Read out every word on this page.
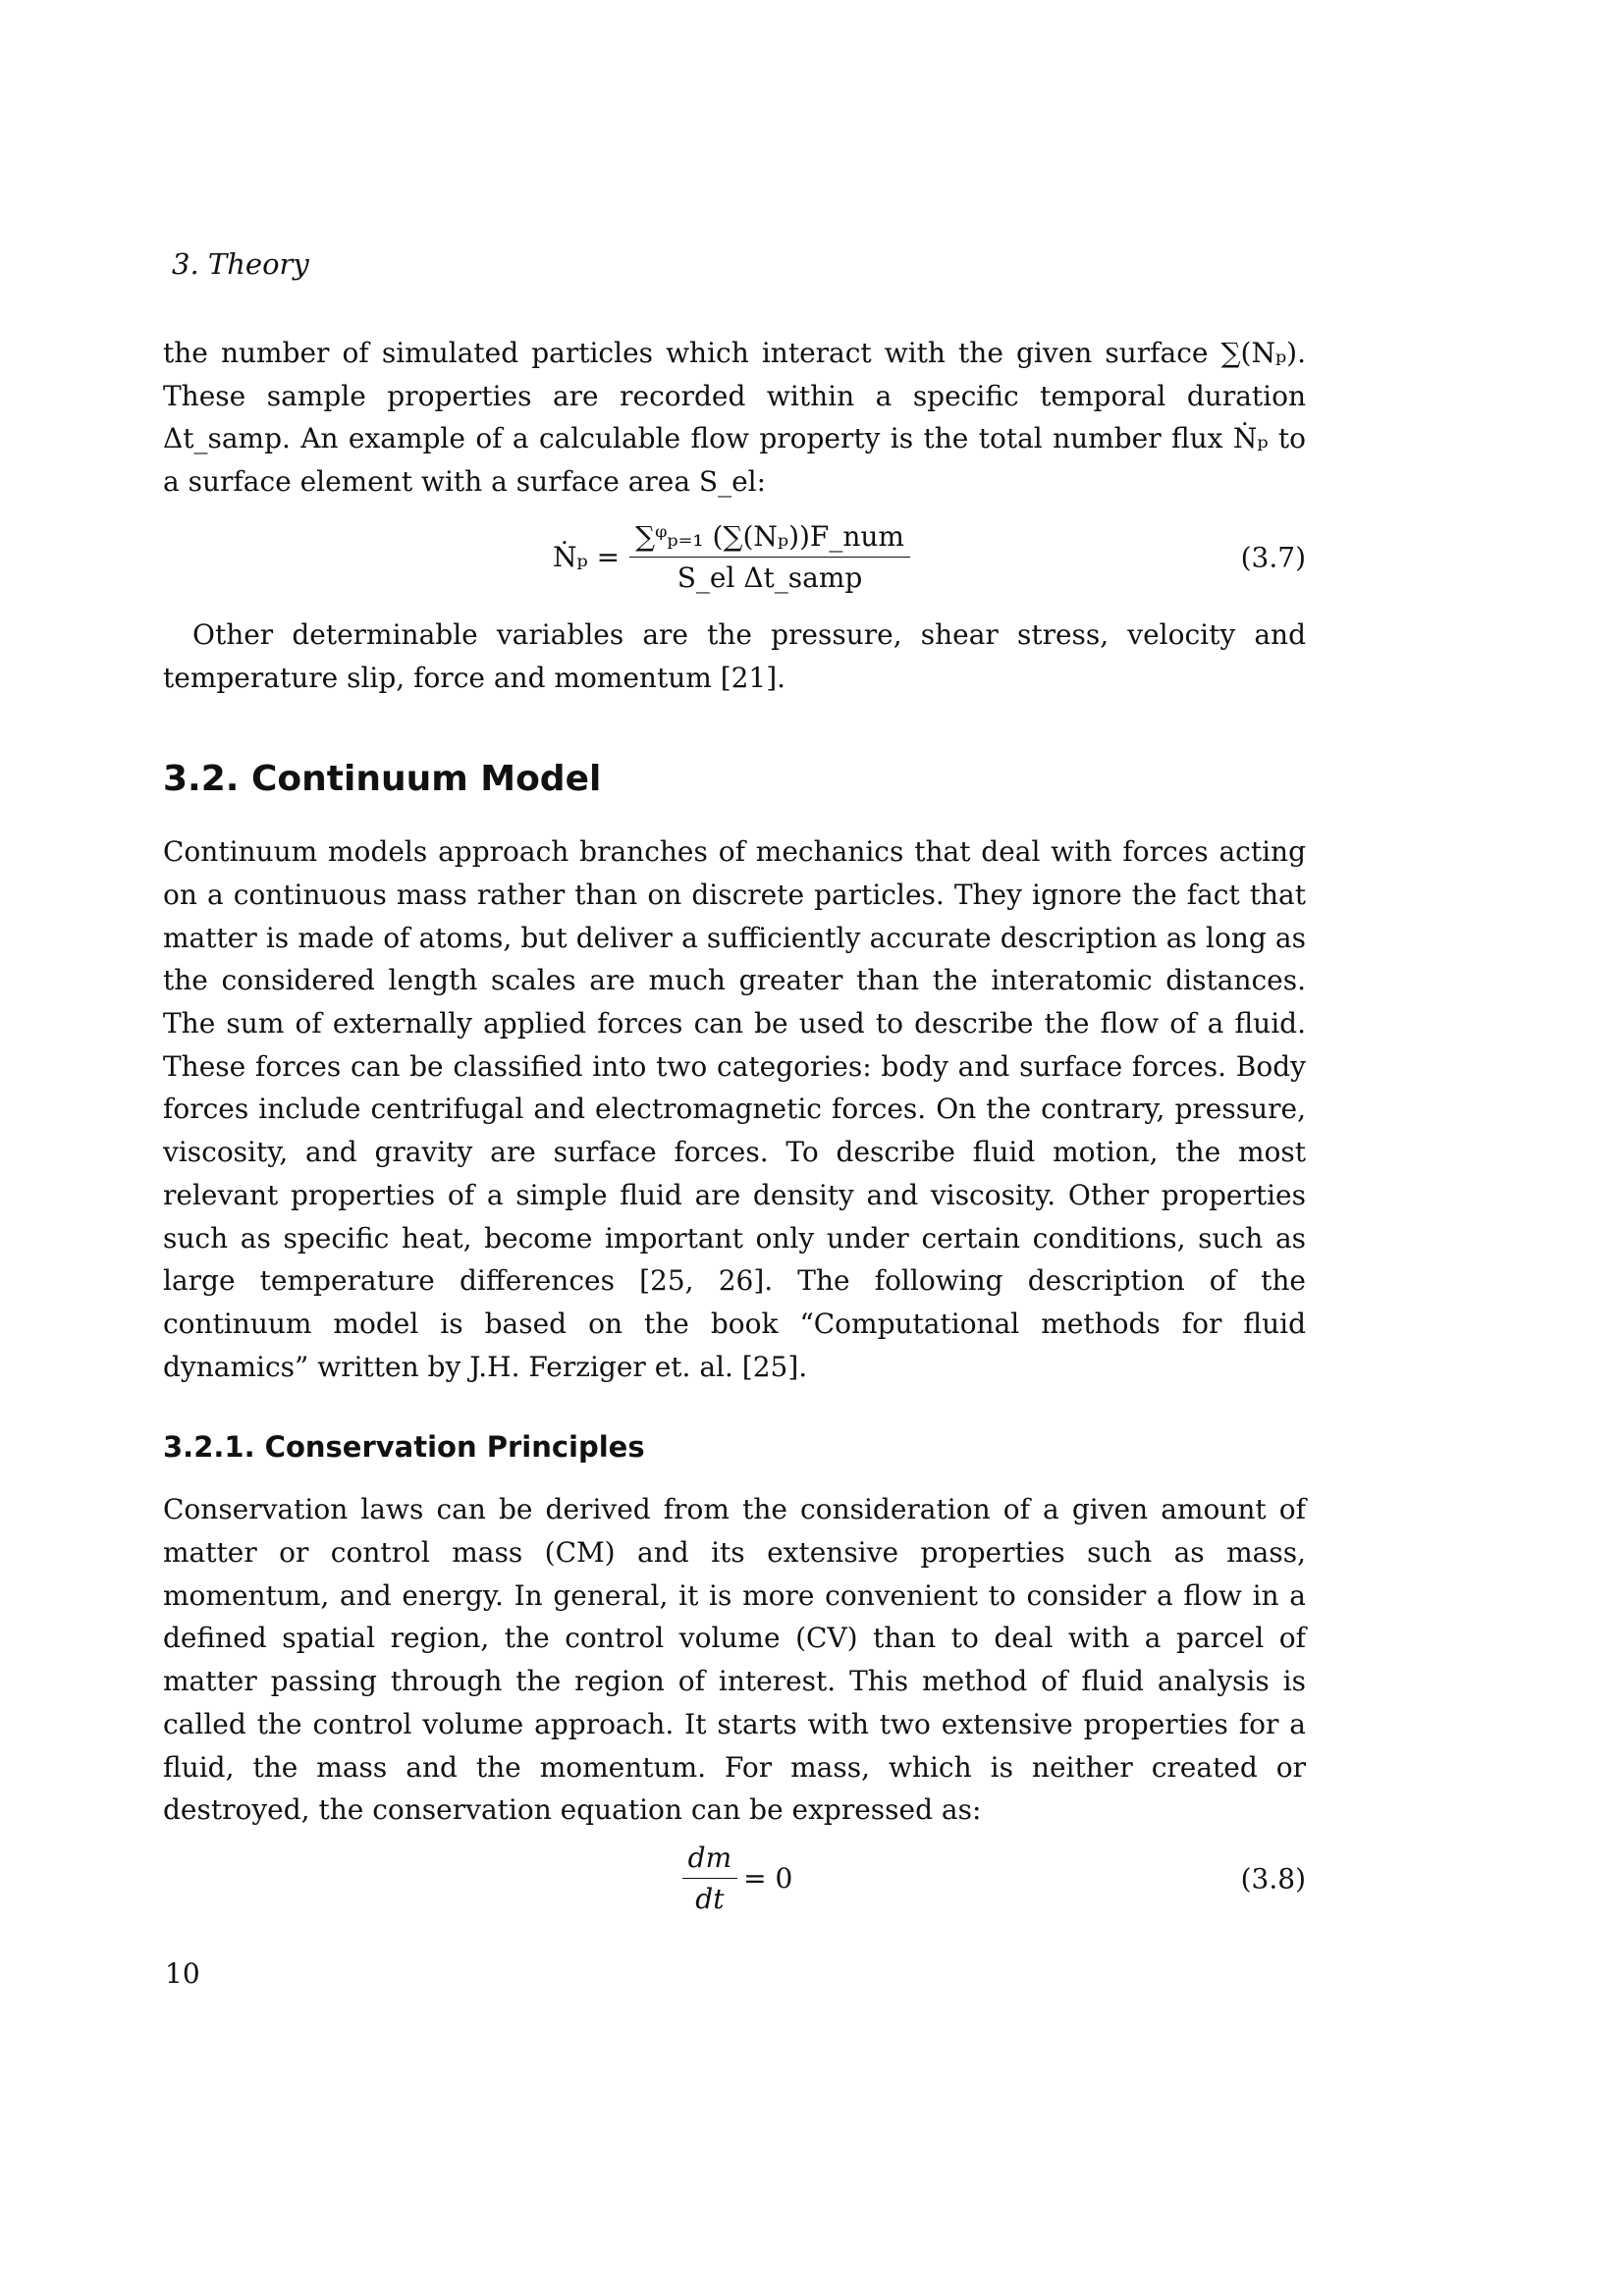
3. Theory

the number of simulated particles which interact with the given surface ∑(Nₚ). These sample properties are recorded within a specific temporal duration Δt_samp. An example of a calculable flow property is the total number flux Ṅₚ to a surface element with a surface area S_el:

Ṅₚ = $\frac{\text{∑ᵠₚ₌₁ (∑(Nₚ))F\_num}}{\text{S\_el Δt\_samp}}$	(3.7)

Other determinable variables are the pressure, shear stress, velocity and temperature slip, force and momentum [21].

3.2. Continuum Model

Continuum models approach branches of mechanics that deal with forces acting on a continuous mass rather than on discrete particles. They ignore the fact that matter is made of atoms, but deliver a sufficiently accurate description as long as the considered length scales are much greater than the interatomic distances. The sum of externally applied forces can be used to describe the flow of a fluid. These forces can be classified into two categories: body and surface forces. Body forces include centrifugal and electromagnetic forces. On the contrary, pressure, viscosity, and gravity are surface forces. To describe fluid motion, the most relevant properties of a simple fluid are density and viscosity. Other properties such as specific heat, become important only under certain conditions, such as large temperature differences [25, 26]. The following description of the continuum model is based on the book “Computational methods for fluid dynamics” written by J.H. Ferziger et. al. [25].

3.2.1. Conservation Principles

Conservation laws can be derived from the consideration of a given amount of matter or control mass (CM) and its extensive properties such as mass, momentum, and energy. In general, it is more convenient to consider a flow in a defined spatial region, the control volume (CV) than to deal with a parcel of matter passing through the region of interest. This method of fluid analysis is called the control volume approach. It starts with two extensive properties for a fluid, the mass and the momentum. For mass, which is neither created or destroyed, the conservation equation can be expressed as:

$\frac{dm}{dt} = 0$	(3.8)
10
